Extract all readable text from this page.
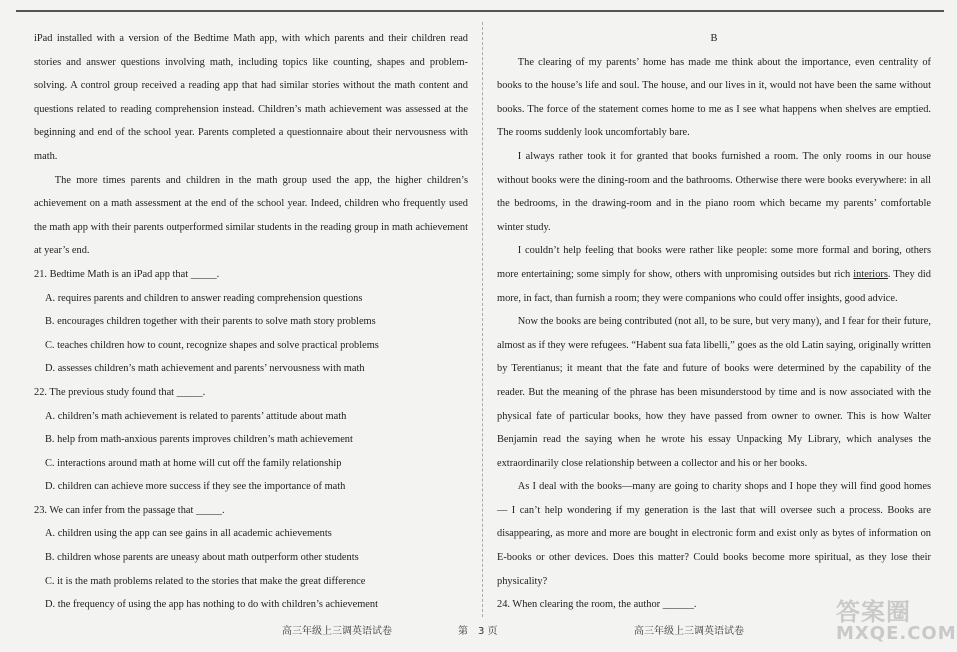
iPad installed with a version of the Bedtime Math app, with which parents and their children read stories and answer questions involving math, including topics like counting, shapes and problem-solving. A control group received a reading app that had similar stories without the math content and questions related to reading comprehension instead. Children’s math achievement was assessed at the beginning and end of the school year. Parents completed a questionnaire about their nervousness with math.
The more times parents and children in the math group used the app, the higher children’s achievement on a math assessment at the end of the school year. Indeed, children who frequently used the math app with their parents outperformed similar students in the reading group in math achievement at year’s end.
21. Bedtime Math is an iPad app that _____.
A. requires parents and children to answer reading comprehension questions
B. encourages children together with their parents to solve math story problems
C. teaches children how to count, recognize shapes and solve practical problems
D. assesses children’s math achievement and parents’ nervousness with math
22. The previous study found that _____.
A. children’s math achievement is related to parents’ attitude about math
B. help from math-anxious parents improves children’s math achievement
C. interactions around math at home will cut off the family relationship
D. children can achieve more success if they see the importance of math
23. We can infer from the passage that _____.
A. children using the app can see gains in all academic achievements
B. children whose parents are uneasy about math outperform other students
C. it is the math problems related to the stories that make the great difference
D. the frequency of using the app has nothing to do with children’s achievement
B
The clearing of my parents’ home has made me think about the importance, even centrality of books to the house’s life and soul. The house, and our lives in it, would not have been the same without books. The force of the statement comes home to me as I see what happens when shelves are emptied. The rooms suddenly look uncomfortably bare.
I always rather took it for granted that books furnished a room. The only rooms in our house without books were the dining-room and the bathrooms. Otherwise there were books everywhere: in all the bedrooms, in the drawing-room and in the piano room which became my parents’ comfortable winter study.
I couldn’t help feeling that books were rather like people: some more formal and boring, others more entertaining; some simply for show, others with unpromising outsides but rich interiors. They did more, in fact, than furnish a room; they were companions who could offer insights, good advice.
Now the books are being contributed (not all, to be sure, but very many), and I fear for their future, almost as if they were refugees. “Habent sua fata libelli,” goes as the old Latin saying, originally written by Terentianus; it meant that the fate and future of books were determined by the capability of the reader. But the meaning of the phrase has been misunderstood by time and is now associated with the physical fate of particular books, how they have passed from owner to owner. This is how Walter Benjamin read the saying when he wrote his essay Unpacking My Library, which analyses the extraordinarily close relationship between a collector and his or her books.
As I deal with the books—many are going to charity shops and I hope they will find good homes— I can’t help wondering if my generation is the last that will oversee such a process. Books are disappearing, as more and more are bought in electronic form and exist only as bytes of information on E-books or other devices. Does this matter? Could books become more spiritual, as they lose their physicality?
24. When clearing the room, the author ______.
高三年级上三调英语试卷	第　3 页	高三年级上三调英语试卷
答案圈
MXQE.COM
